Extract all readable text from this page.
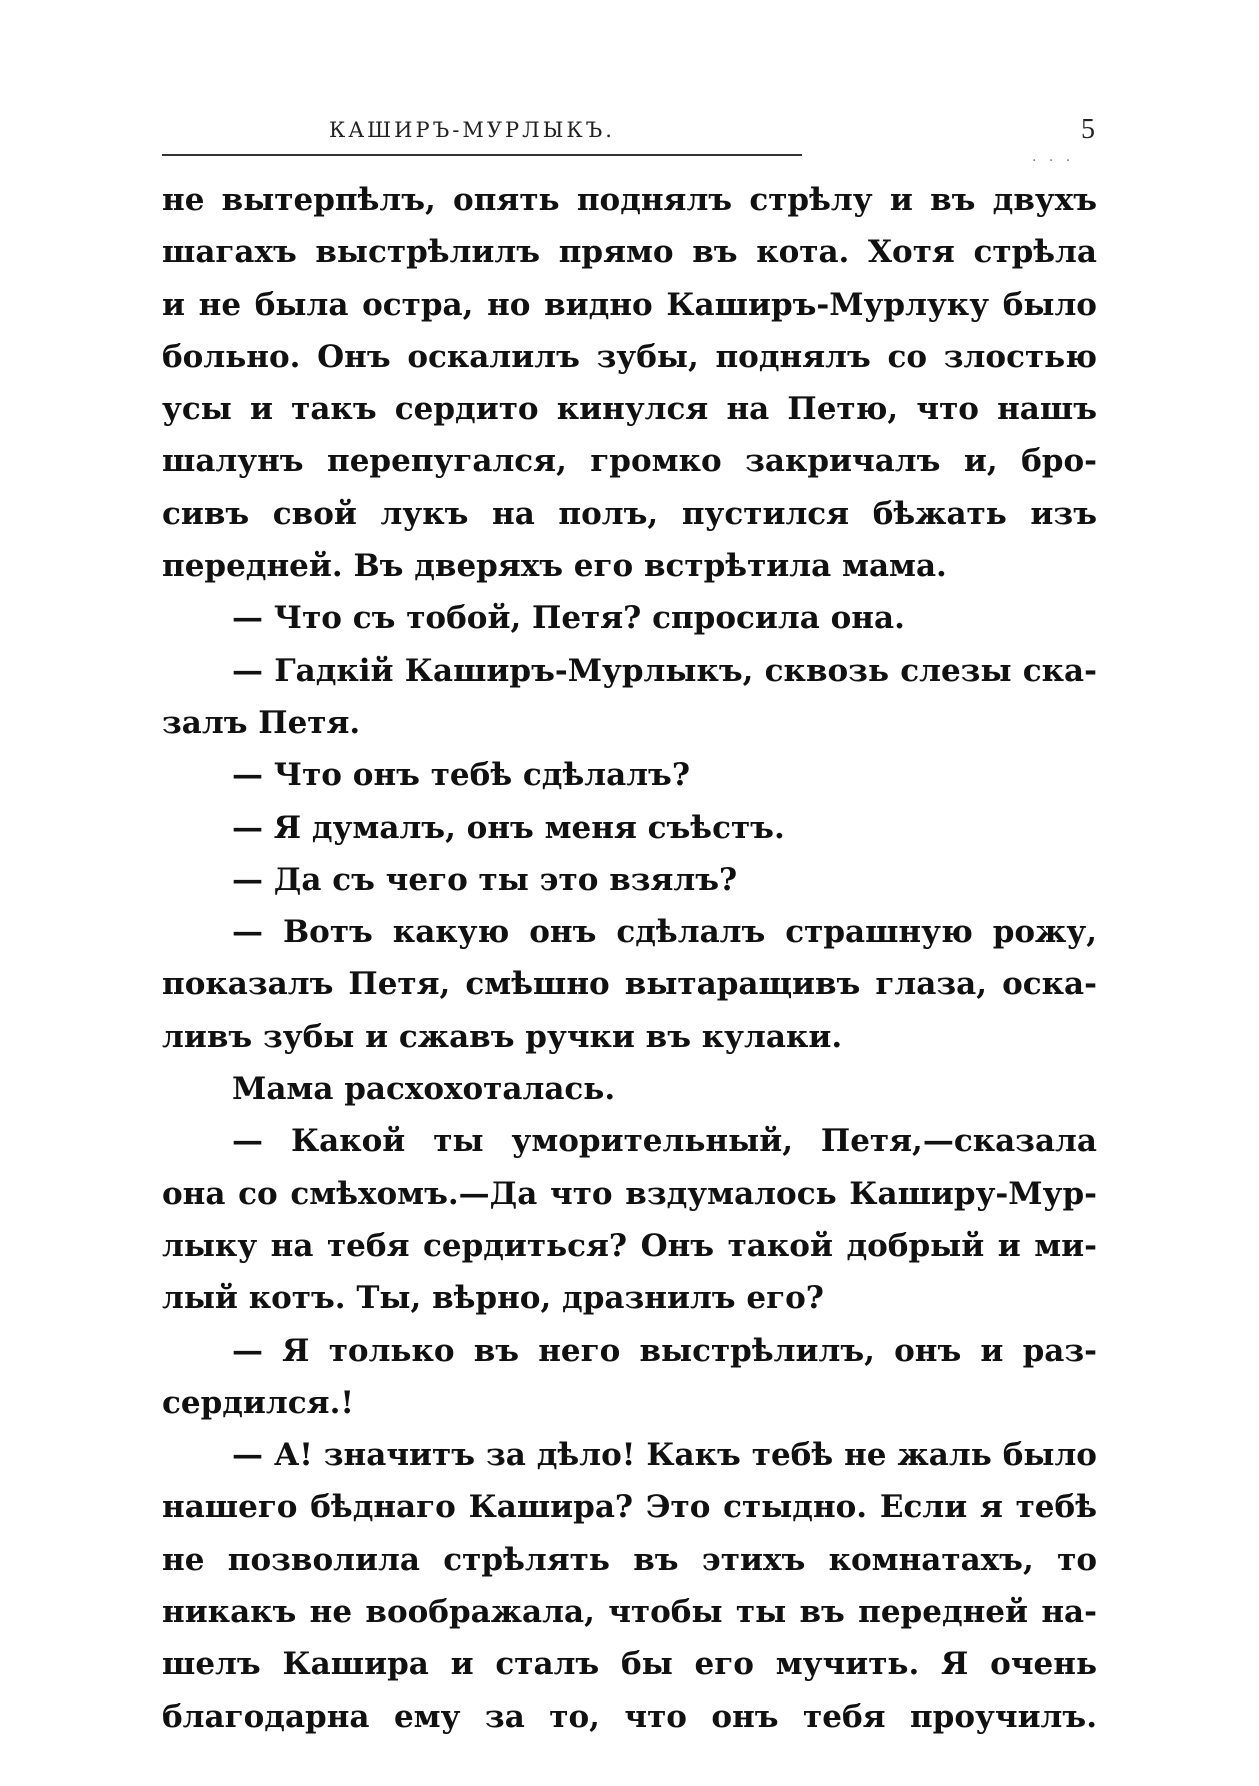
КАШИРЪ-МУРЛЫКЪ.	5
. . .
не вытерпѣлъ, опять поднялъ стрѣлу и въ двухъ
шагахъ выстрѣлилъ прямо въ кота. Хотя стрѣла
и не была остра, но видно Каширъ-Мурлуку было
больно. Онъ оскалилъ зубы, поднялъ со злостью
усы и такъ сердито кинулся на Петю, что нашъ
шалунъ перепугался, громко закричалъ и, бро-
сивъ свой лукъ на полъ, пустился бѣжать изъ
передней. Въ дверяхъ его встрѣтила мама.
— Что съ тобой, Петя? спросила она.
— Гадкій Каширъ-Мурлыкъ, сквозь слезы ска-
залъ Петя.
— Что онъ тебѣ сдѣлалъ?
— Я думалъ, онъ меня съѣстъ.
— Да съ чего ты это взялъ?
— Вотъ какую онъ сдѣлалъ страшную рожу,
показалъ Петя, смѣшно вытаращивъ глаза, оска-
ливъ зубы и сжавъ ручки въ кулаки.
Мама расхохоталась.
— Какой ты уморительный, Петя,—сказала
она со смѣхомъ.—Да что вздумалось Каширу-Мур-
лыку на тебя сердиться? Онъ такой добрый и ми-
лый котъ. Ты, вѣрно, дразнилъ его?
— Я только въ него выстрѣлилъ, онъ и раз-
сердился.!
— А! значитъ за дѣло! Какъ тебѣ не жаль было
нашего бѣднаго Кашира? Это стыдно. Если я тебѣ
не позволила стрѣлять въ этихъ комнатахъ, то
никакъ не воображала, чтобы ты въ передней на-
шелъ Кашира и сталъ бы его мучить. Я очень
благодарна ему за то, что онъ тебя проучилъ.
